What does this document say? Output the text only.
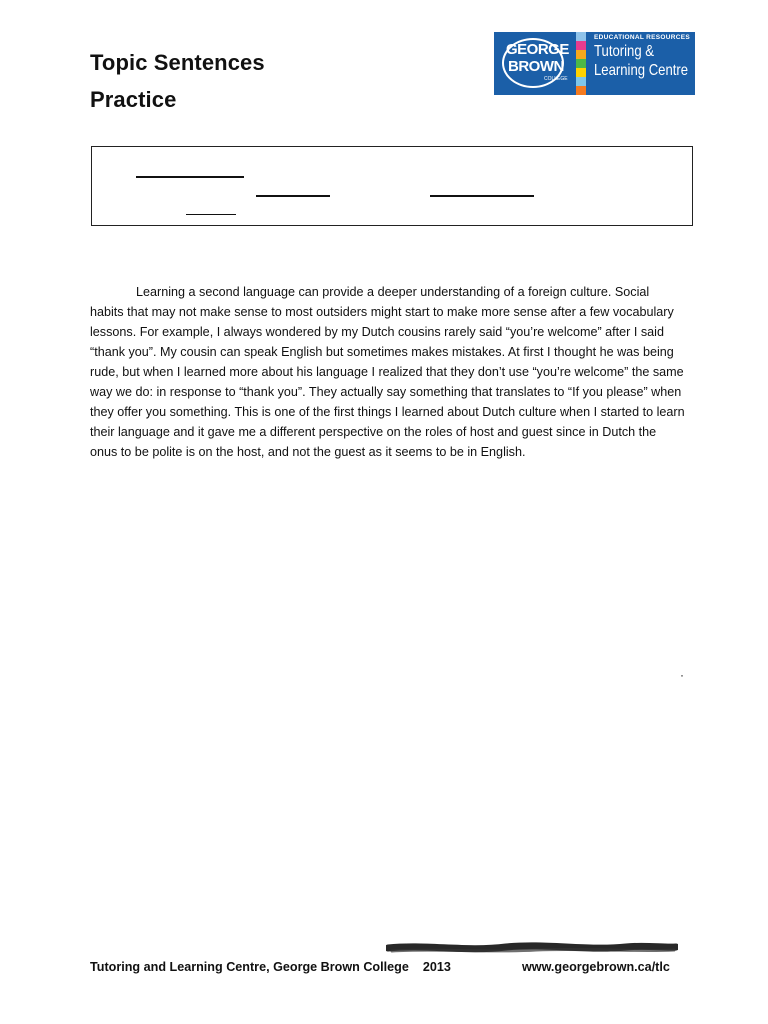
Topic Sentences
Practice
GEORGE
BROWN
COLLEGE
EDUCATIONAL RESOURCES
Tutoring &
Learning Centre
Learning a second language can provide a deeper understanding of a foreign culture. Social habits that may not make sense to most outsiders might start to make more sense after a few vocabulary lessons. For example, I always wondered by my Dutch cousins rarely said “you’re welcome” after I said “thank you”. My cousin can speak English but sometimes makes mistakes. At first I thought he was being rude, but when I learned more about his language I realized that they don’t use “you’re welcome” the same way we do: in response to “thank you”. They actually say something that translates to “If you please” when they offer you something. This is one of the first things I learned about Dutch culture when I started to learn their language and it gave me a different perspective on the roles of host and guest since in Dutch the onus to be polite is on the host, and not the guest as it seems to be in English.
·
Tutoring and Learning Centre, George Brown College    2013	www.georgebrown.ca/tlc
